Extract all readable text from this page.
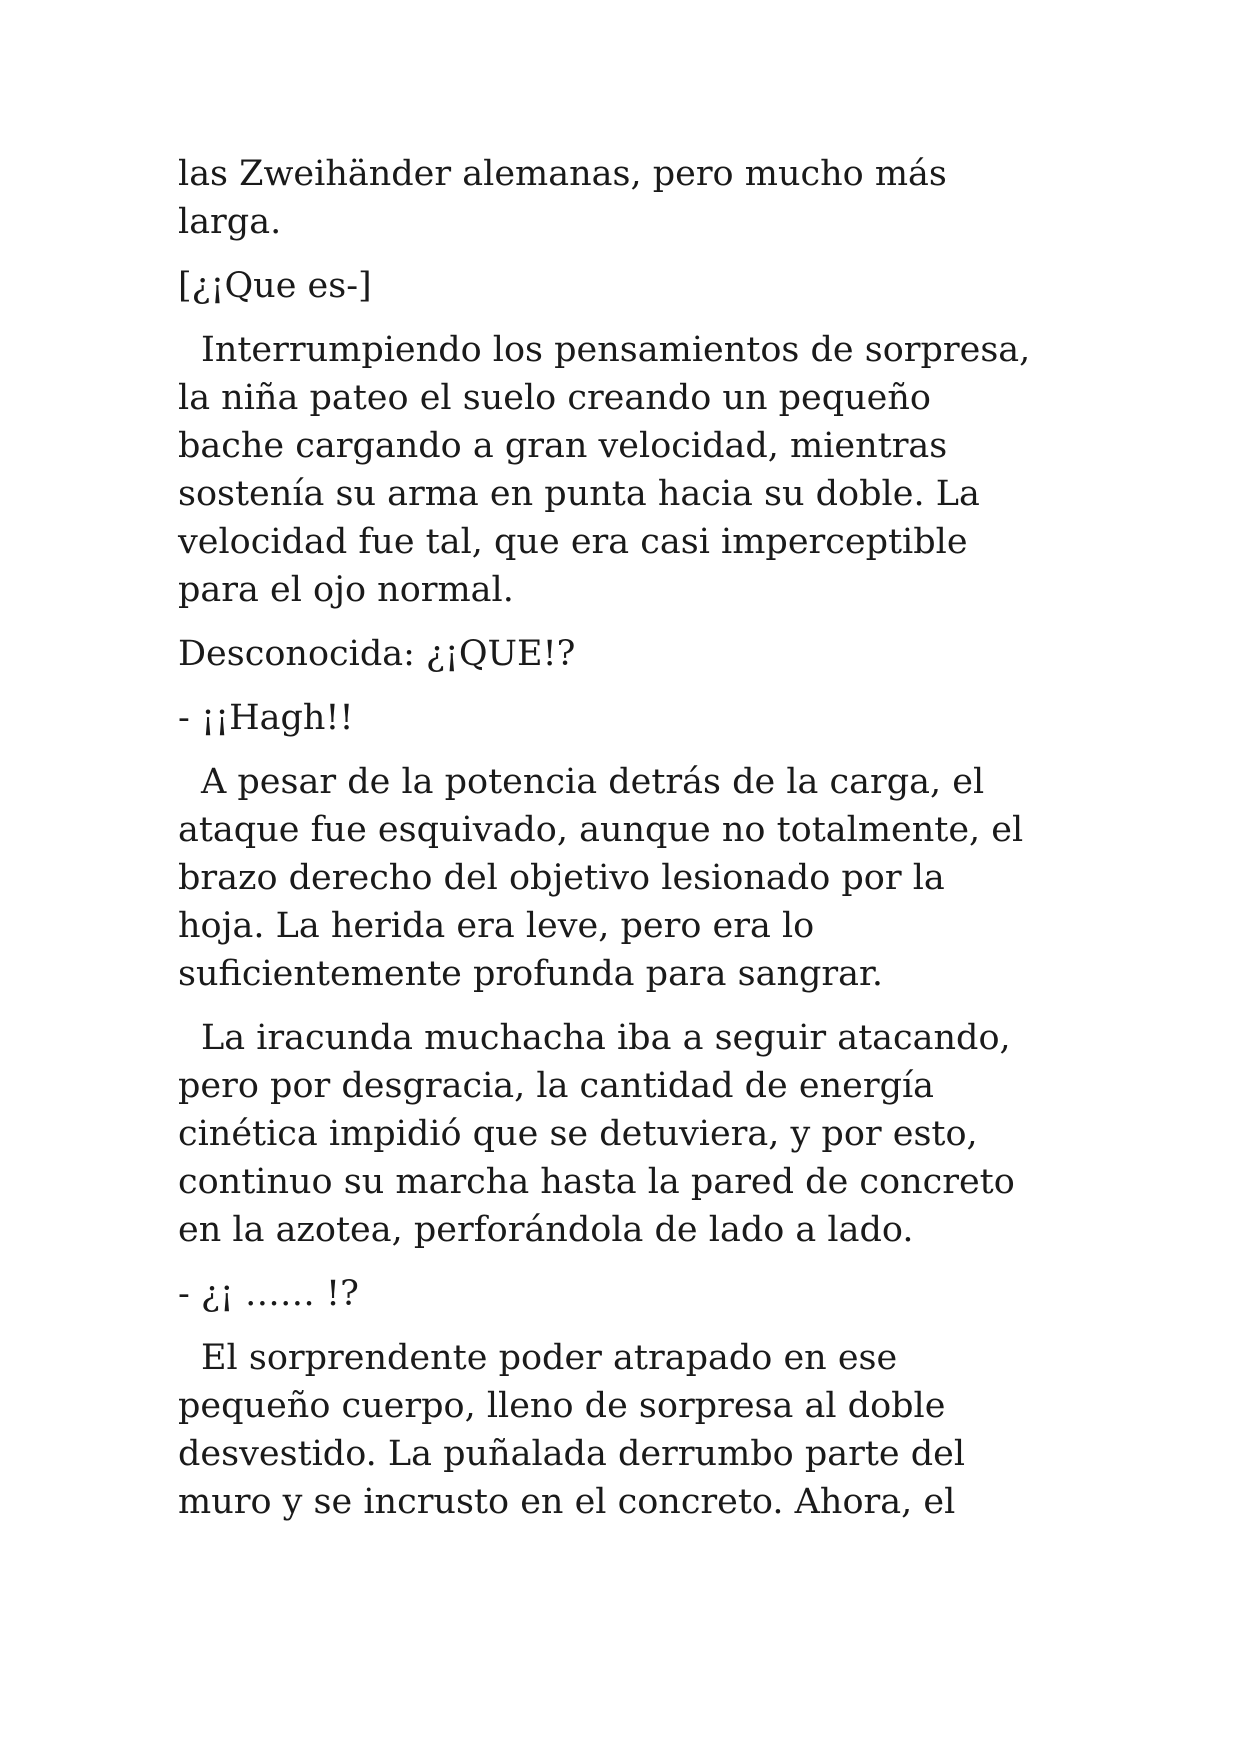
las Zweihänder alemanas, pero mucho más
larga.

[¿¡Que es-]

Interrumpiendo los pensamientos de sorpresa,
la niña pateo el suelo creando un pequeño
bache cargando a gran velocidad, mientras
sostenía su arma en punta hacia su doble. La
velocidad fue tal, que era casi imperceptible
para el ojo normal.

Desconocida: ¿¡QUE!?

- ¡¡Hagh!!

A pesar de la potencia detrás de la carga, el
ataque fue esquivado, aunque no totalmente, el
brazo derecho del objetivo lesionado por la
hoja. La herida era leve, pero era lo
suficientemente profunda para sangrar.

La iracunda muchacha iba a seguir atacando,
pero por desgracia, la cantidad de energía
cinética impidió que se detuviera, y por esto,
continuo su marcha hasta la pared de concreto
en la azotea, perforándola de lado a lado.

- ¿¡ …… !?

El sorprendente poder atrapado en ese
pequeño cuerpo, lleno de sorpresa al doble
desvestido. La puñalada derrumbo parte del
muro y se incrusto en el concreto. Ahora, el
